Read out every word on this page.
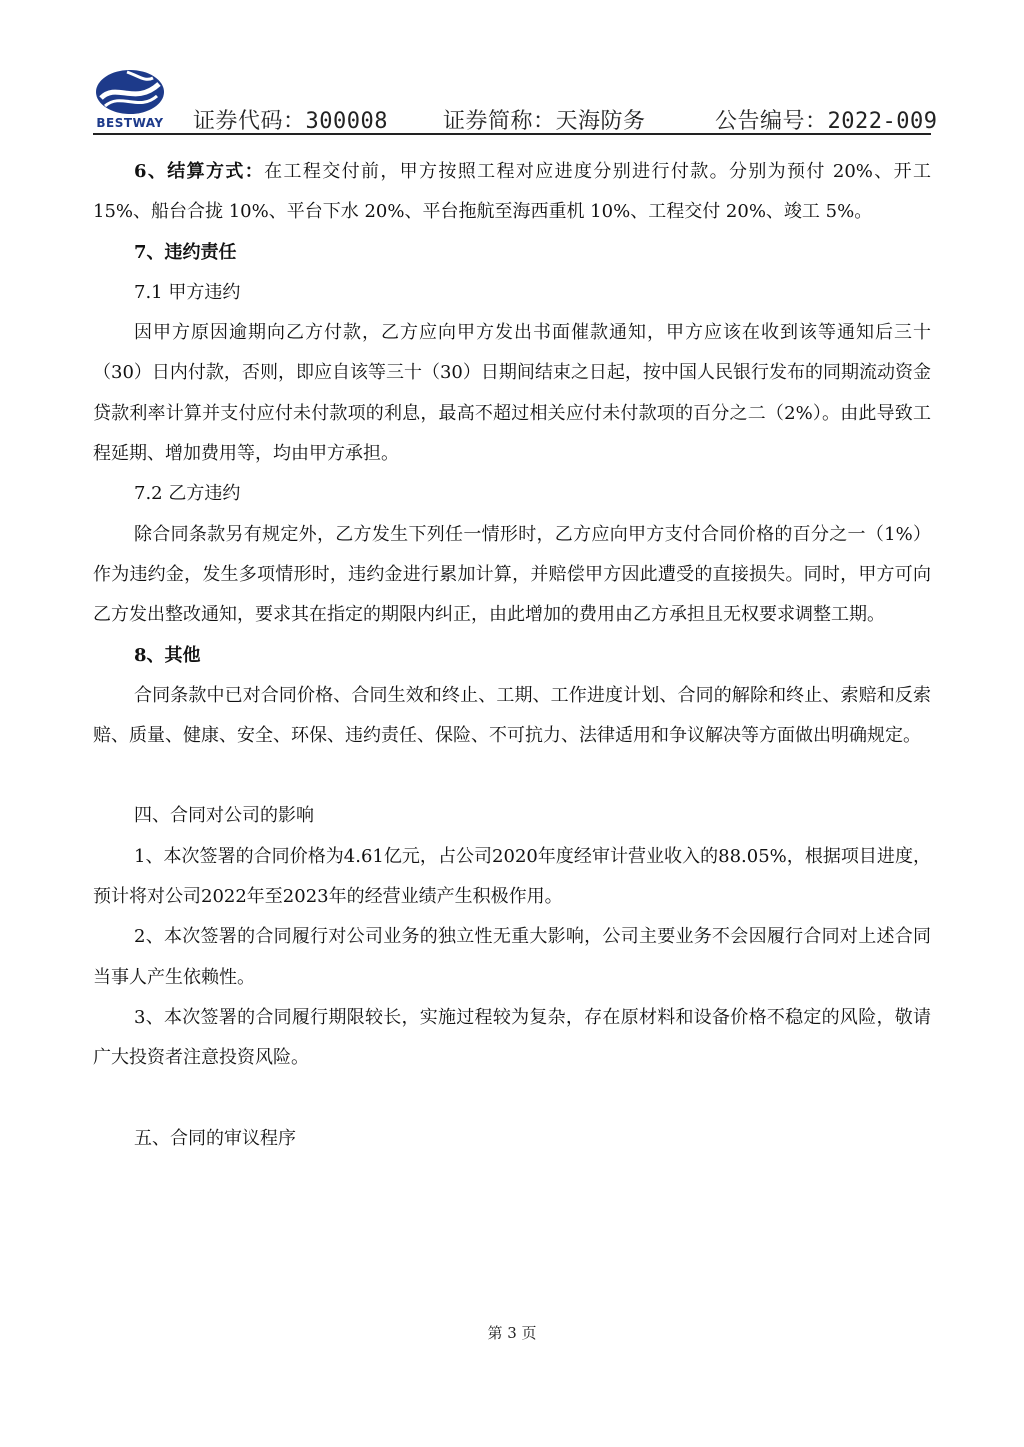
BESTWAY 证券代码：300008	证券简称：天海防务	公告编号：2022-009

6、结算方式：在工程交付前，甲方按照工程对应进度分别进行付款。分别为预付 20%、开工 15%、船台合拢 10%、平台下水 20%、平台拖航至海西重机 10%、工程交付 20%、竣工 5%。

7、违约责任

7.1 甲方违约

因甲方原因逾期向乙方付款，乙方应向甲方发出书面催款通知，甲方应该在收到该等通知后三十（30）日内付款，否则，即应自该等三十（30）日期间结束之日起，按中国人民银行发布的同期流动资金贷款利率计算并支付应付未付款项的利息，最高不超过相关应付未付款项的百分之二（2%）。由此导致工程延期、增加费用等，均由甲方承担。

7.2 乙方违约

除合同条款另有规定外，乙方发生下列任一情形时，乙方应向甲方支付合同价格的百分之一（1%）作为违约金，发生多项情形时，违约金进行累加计算，并赔偿甲方因此遭受的直接损失。同时，甲方可向乙方发出整改通知，要求其在指定的期限内纠正，由此增加的费用由乙方承担且无权要求调整工期。

8、其他

合同条款中已对合同价格、合同生效和终止、工期、工作进度计划、合同的解除和终止、索赔和反索赔、质量、健康、安全、环保、违约责任、保险、不可抗力、法律适用和争议解决等方面做出明确规定。

四、合同对公司的影响

1、本次签署的合同价格为4.61亿元，占公司2020年度经审计营业收入的88.05%，根据项目进度，预计将对公司2022年至2023年的经营业绩产生积极作用。

2、本次签署的合同履行对公司业务的独立性无重大影响，公司主要业务不会因履行合同对上述合同当事人产生依赖性。

3、本次签署的合同履行期限较长，实施过程较为复杂，存在原材料和设备价格不稳定的风险，敬请广大投资者注意投资风险。

五、合同的审议程序

第 3 页
